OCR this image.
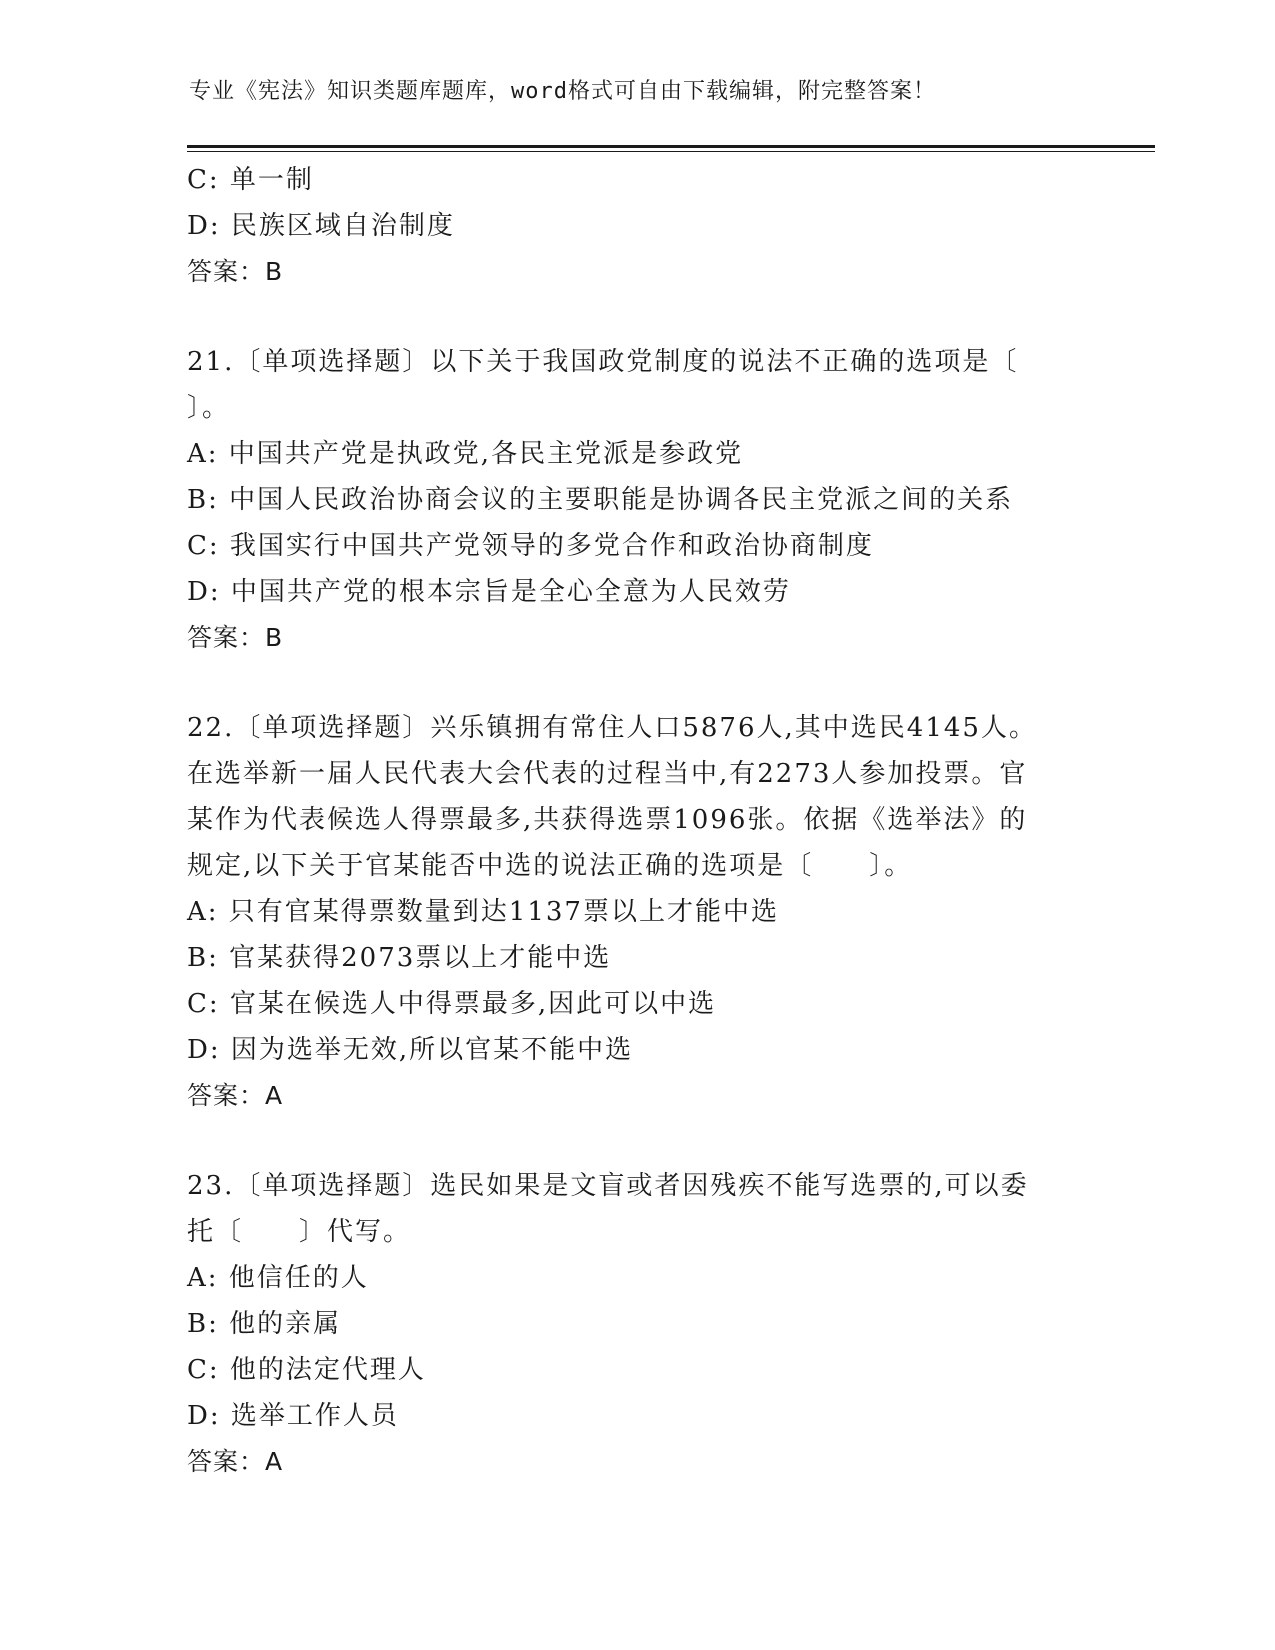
专业《宪法》知识类题库题库，word格式可自由下载编辑，附完整答案！
C: 单一制
D: 民族区域自治制度
答案：B
21.〔单项选择题〕以下关于我国政党制度的说法不正确的选项是〔
〕。
A: 中国共产党是执政党,各民主党派是参政党
B: 中国人民政治协商会议的主要职能是协调各民主党派之间的关系
C: 我国实行中国共产党领导的多党合作和政治协商制度
D: 中国共产党的根本宗旨是全心全意为人民效劳
答案：B
22.〔单项选择题〕兴乐镇拥有常住人口5876人,其中选民4145人。
在选举新一届人民代表大会代表的过程当中,有2273人参加投票。官
某作为代表候选人得票最多,共获得选票1096张。依据《选举法》的
规定,以下关于官某能否中选的说法正确的选项是〔　　〕。
A: 只有官某得票数量到达1137票以上才能中选
B: 官某获得2073票以上才能中选
C: 官某在候选人中得票最多,因此可以中选
D: 因为选举无效,所以官某不能中选
答案：A
23.〔单项选择题〕选民如果是文盲或者因残疾不能写选票的,可以委
托〔　　〕代写。
A: 他信任的人
B: 他的亲属
C: 他的法定代理人
D: 选举工作人员
答案：A
